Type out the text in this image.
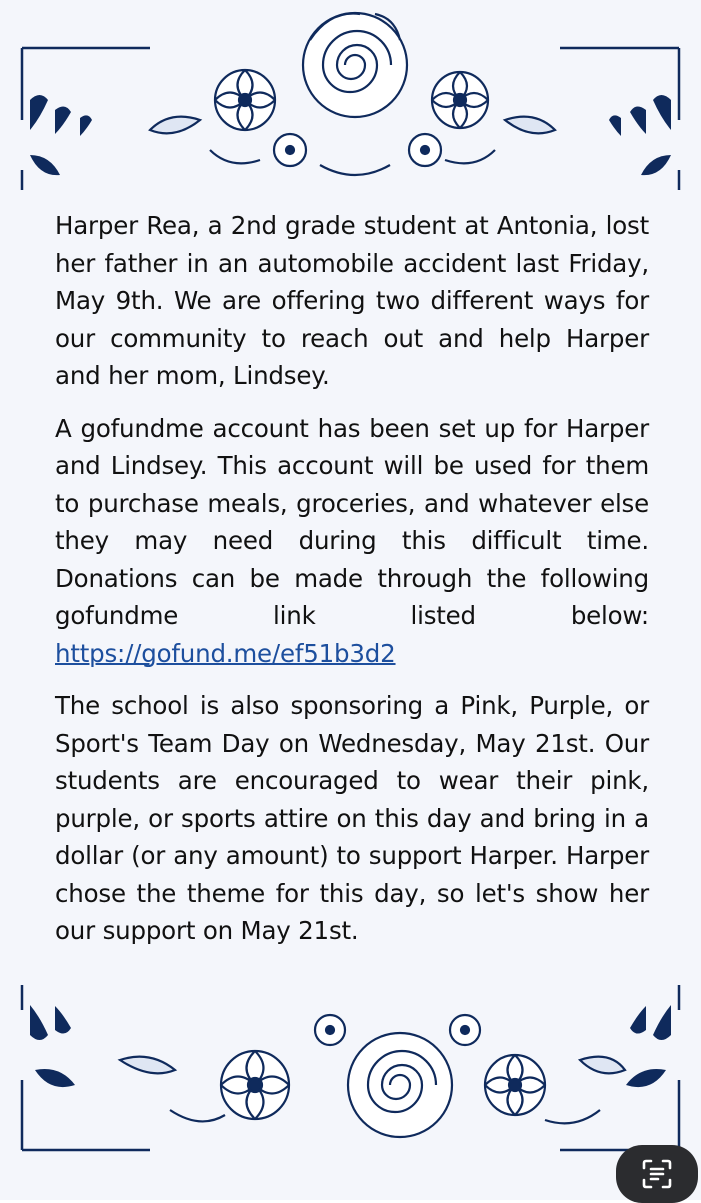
Harper Rea, a 2nd grade student at Antonia, lost her father in an automobile accident last Friday, May 9th. We are offering two different ways for our community to reach out and help Harper and her mom, Lindsey.

A gofundme account has been set up for Harper and Lindsey. This account will be used for them to purchase meals, groceries, and whatever else they may need during this difficult time. Donations can be made through the following gofundme link listed below: https://gofund.me/ef51b3d2

The school is also sponsoring a Pink, Purple, or Sport's Team Day on Wednesday, May 21st. Our students are encouraged to wear their pink, purple, or sports attire on this day and bring in a dollar (or any amount) to support Harper. Harper chose the theme for this day, so let's show her our support on May 21st.
